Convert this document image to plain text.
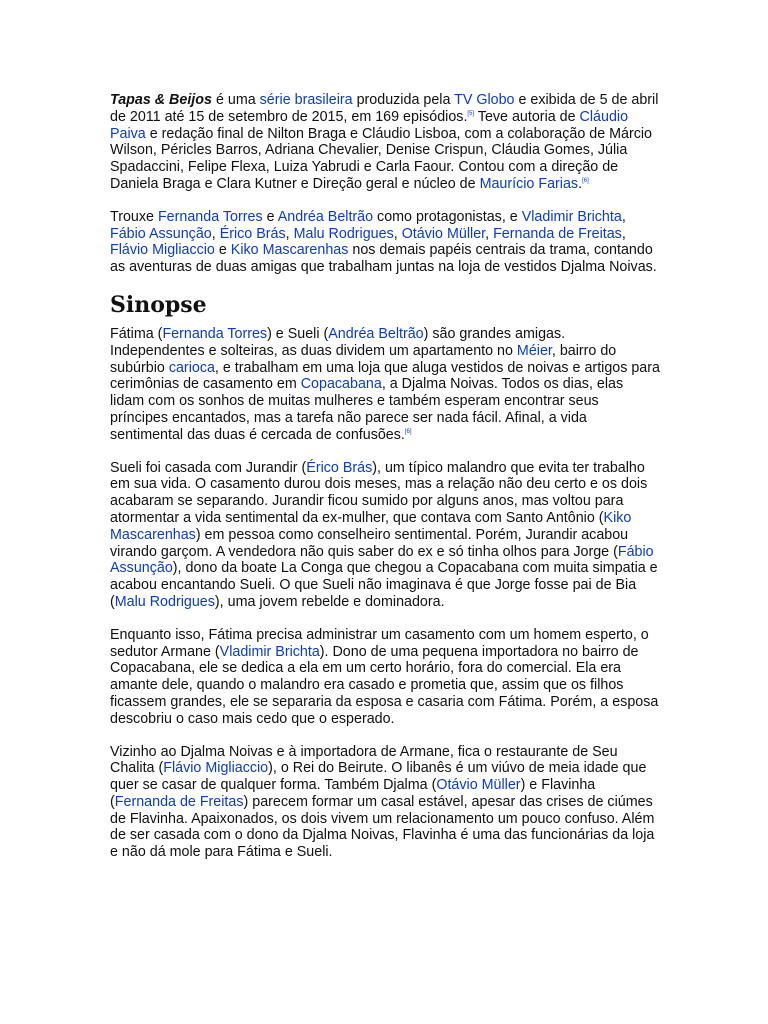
Tapas & Beijos é uma série brasileira produzida pela TV Globo e exibida de 5 de abril de 2011 até 15 de setembro de 2015, em 169 episódios.[5] Teve autoria de Cláudio Paiva e redação final de Nilton Braga e Cláudio Lisboa, com a colaboração de Márcio Wilson, Péricles Barros, Adriana Chevalier, Denise Crispun, Cláudia Gomes, Júlia Spadaccini, Felipe Flexa, Luiza Yabrudi e Carla Faour. Contou com a direção de Daniela Braga e Clara Kutner e Direção geral e núcleo de Maurício Farias.[6]

Trouxe Fernanda Torres e Andréa Beltrão como protagonistas, e Vladimir Brichta, Fábio Assunção, Érico Brás, Malu Rodrigues, Otávio Müller, Fernanda de Freitas, Flávio Migliaccio e Kiko Mascarenhas nos demais papéis centrais da trama, contando as aventuras de duas amigas que trabalham juntas na loja de vestidos Djalma Noivas.

Sinopse

Fátima (Fernanda Torres) e Sueli (Andréa Beltrão) são grandes amigas. Independentes e solteiras, as duas dividem um apartamento no Méier, bairro do subúrbio carioca, e trabalham em uma loja que aluga vestidos de noivas e artigos para cerimônias de casamento em Copacabana, a Djalma Noivas. Todos os dias, elas lidam com os sonhos de muitas mulheres e também esperam encontrar seus príncipes encantados, mas a tarefa não parece ser nada fácil. Afinal, a vida sentimental das duas é cercada de confusões.[6]

Sueli foi casada com Jurandir (Érico Brás), um típico malandro que evita ter trabalho em sua vida. O casamento durou dois meses, mas a relação não deu certo e os dois acabaram se separando. Jurandir ficou sumido por alguns anos, mas voltou para atormentar a vida sentimental da ex-mulher, que contava com Santo Antônio (Kiko Mascarenhas) em pessoa como conselheiro sentimental. Porém, Jurandir acabou virando garçom. A vendedora não quis saber do ex e só tinha olhos para Jorge (Fábio Assunção), dono da boate La Conga que chegou a Copacabana com muita simpatia e acabou encantando Sueli. O que Sueli não imaginava é que Jorge fosse pai de Bia (Malu Rodrigues), uma jovem rebelde e dominadora.

Enquanto isso, Fátima precisa administrar um casamento com um homem esperto, o sedutor Armane (Vladimir Brichta). Dono de uma pequena importadora no bairro de Copacabana, ele se dedica a ela em um certo horário, fora do comercial. Ela era amante dele, quando o malandro era casado e prometia que, assim que os filhos ficassem grandes, ele se separaria da esposa e casaria com Fátima. Porém, a esposa descobriu o caso mais cedo que o esperado.

Vizinho ao Djalma Noivas e à importadora de Armane, fica o restaurante de Seu Chalita (Flávio Migliaccio), o Rei do Beirute. O libanês é um viúvo de meia idade que quer se casar de qualquer forma. Também Djalma (Otávio Müller) e Flavinha (Fernanda de Freitas) parecem formar um casal estável, apesar das crises de ciúmes de Flavinha. Apaixonados, os dois vivem um relacionamento um pouco confuso. Além de ser casada com o dono da Djalma Noivas, Flavinha é uma das funcionárias da loja e não dá mole para Fátima e Sueli.
